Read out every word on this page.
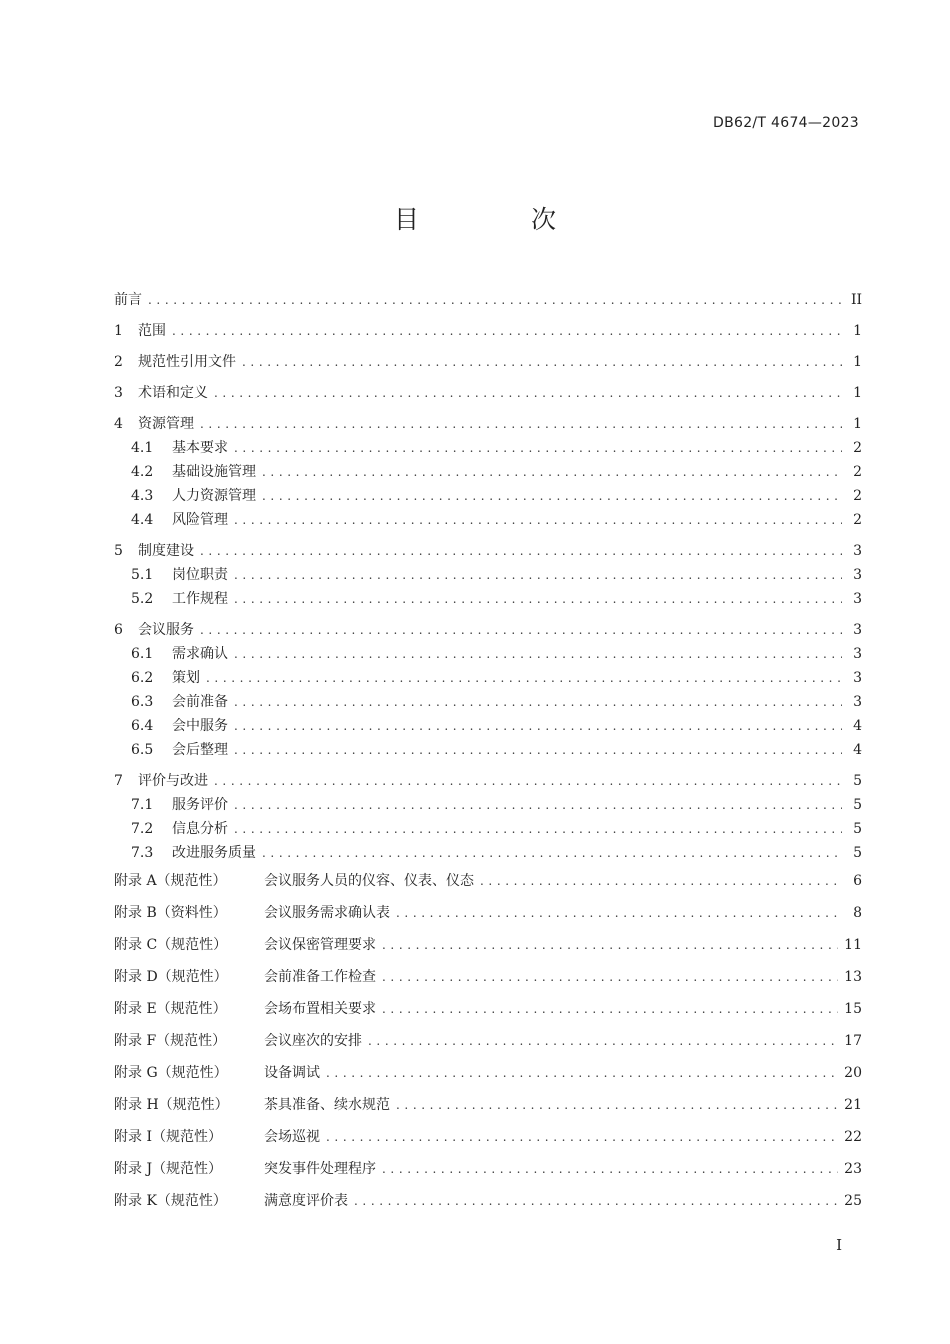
DB62/T 4674—2023
目 次
前言 .....	II
1	范围 .....	1
2	规范性引用文件 .....	1
3	术语和定义 .....	1
4	资源管理 .....	1
4.1	基本要求 .....	2
4.2	基础设施管理 .....	2
4.3	人力资源管理 .....	2
4.4	风险管理 .....	2
5	制度建设 .....	3
5.1	岗位职责 .....	3
5.2	工作规程 .....	3
6	会议服务 .....	3
6.1	需求确认 .....	3
6.2	策划 .....	3
6.3	会前准备 .....	3
6.4	会中服务 .....	4
6.5	会后整理 .....	4
7	评价与改进 .....	5
7.1	服务评价 .....	5
7.2	信息分析 .....	5
7.3	改进服务质量 .....	5
附录 A（规范性）	会议服务人员的仪容、仪表、仪态 .....	6
附录 B（资料性）	会议服务需求确认表 .....	8
附录 C（规范性）	会议保密管理要求 .....	11
附录 D（规范性）	会前准备工作检查 .....	13
附录 E（规范性）	会场布置相关要求 .....	15
附录 F（规范性）	会议座次的安排 .....	17
附录 G（规范性）	设备调试 .....	20
附录 H（规范性）	茶具准备、续水规范 .....	21
附录 I（规范性）	会场巡视 .....	22
附录 J（规范性）	突发事件处理程序 .....	23
附录 K（规范性）	满意度评价表 .....	25
I
